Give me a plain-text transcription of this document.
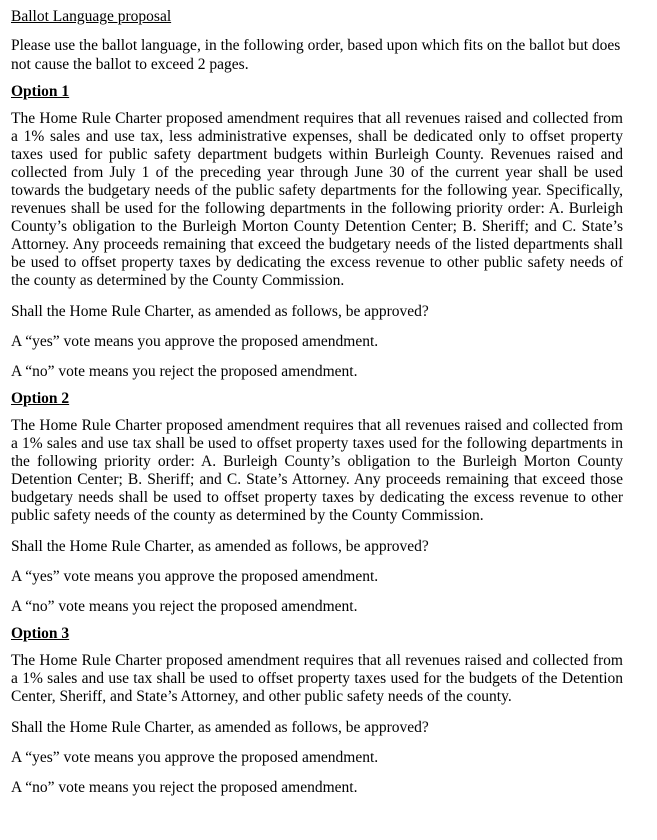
Ballot Language proposal

Please use the ballot language, in the following order, based upon which fits on the ballot but does not cause the ballot to exceed 2 pages.

Option 1

The Home Rule Charter proposed amendment requires that all revenues raised and collected from a 1% sales and use tax, less administrative expenses, shall be dedicated only to offset property taxes used for public safety department budgets within Burleigh County. Revenues raised and collected from July 1 of the preceding year through June 30 of the current year shall be used towards the budgetary needs of the public safety departments for the following year. Specifically, revenues shall be used for the following departments in the following priority order: A. Burleigh County’s obligation to the Burleigh Morton County Detention Center; B. Sheriff; and C. State’s Attorney. Any proceeds remaining that exceed the budgetary needs of the listed departments shall be used to offset property taxes by dedicating the excess revenue to other public safety needs of the county as determined by the County Commission.

Shall the Home Rule Charter, as amended as follows, be approved?

A “yes” vote means you approve the proposed amendment.

A “no” vote means you reject the proposed amendment.

Option 2

The Home Rule Charter proposed amendment requires that all revenues raised and collected from a 1% sales and use tax shall be used to offset property taxes used for the following departments in the following priority order: A. Burleigh County’s obligation to the Burleigh Morton County Detention Center; B. Sheriff; and C. State’s Attorney. Any proceeds remaining that exceed those budgetary needs shall be used to offset property taxes by dedicating the excess revenue to other public safety needs of the county as determined by the County Commission.

Shall the Home Rule Charter, as amended as follows, be approved?

A “yes” vote means you approve the proposed amendment.

A “no” vote means you reject the proposed amendment.

Option 3

The Home Rule Charter proposed amendment requires that all revenues raised and collected from a 1% sales and use tax shall be used to offset property taxes used for the budgets of the Detention Center, Sheriff, and State’s Attorney, and other public safety needs of the county.

Shall the Home Rule Charter, as amended as follows, be approved?

A “yes” vote means you approve the proposed amendment.

A “no” vote means you reject the proposed amendment.
